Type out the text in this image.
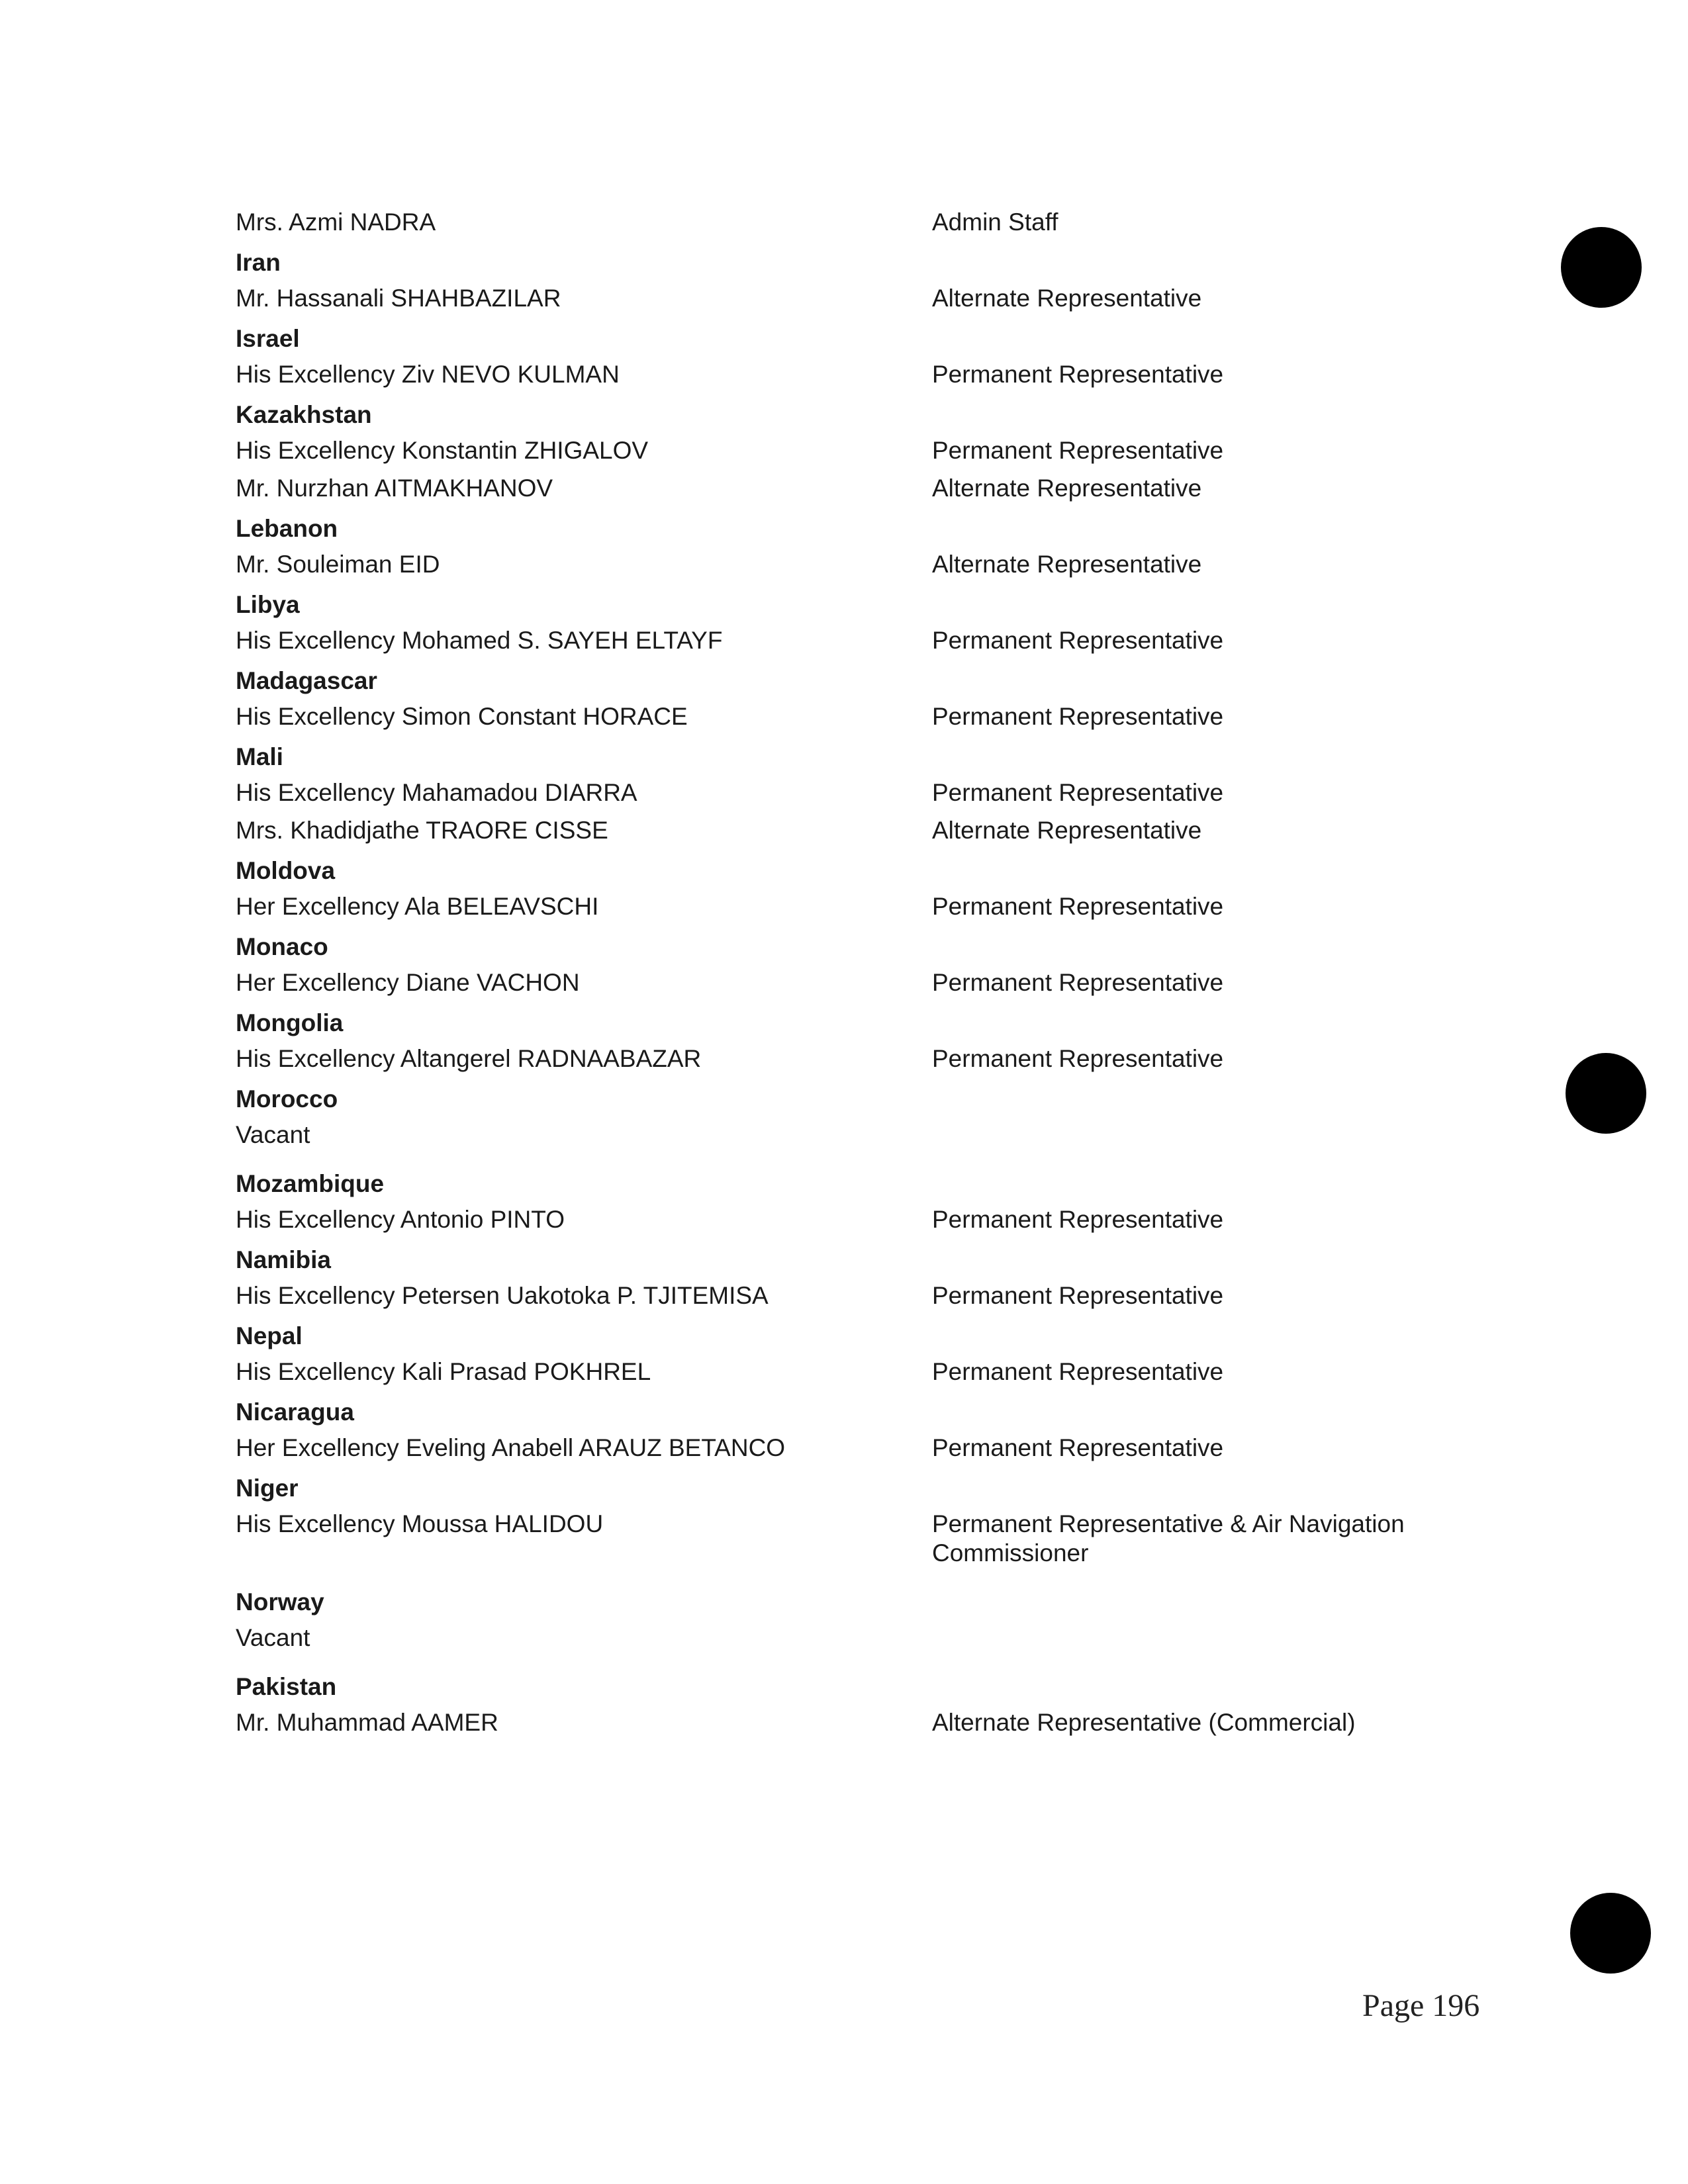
Mrs. Azmi NADRA	Admin Staff
Iran
Mr. Hassanali SHAHBAZILAR	Alternate Representative
Israel
His Excellency Ziv NEVO KULMAN	Permanent Representative
Kazakhstan
His Excellency Konstantin ZHIGALOV	Permanent Representative
Mr. Nurzhan AITMAKHANOV	Alternate Representative
Lebanon
Mr. Souleiman EID	Alternate Representative
Libya
His Excellency Mohamed S. SAYEH ELTAYF	Permanent Representative
Madagascar
His Excellency Simon Constant HORACE	Permanent Representative
Mali
His Excellency Mahamadou DIARRA	Permanent Representative
Mrs. Khadidjathe TRAORE CISSE	Alternate Representative
Moldova
Her Excellency Ala BELEAVSCHI	Permanent Representative
Monaco
Her Excellency Diane VACHON	Permanent Representative
Mongolia
His Excellency Altangerel RADNAABAZAR	Permanent Representative
Morocco
Vacant
Mozambique
His Excellency Antonio PINTO	Permanent Representative
Namibia
His Excellency Petersen Uakotoka P. TJITEMISA	Permanent Representative
Nepal
His Excellency Kali Prasad POKHREL	Permanent Representative
Nicaragua
Her Excellency Eveling Anabell ARAUZ BETANCO	Permanent Representative
Niger
His Excellency Moussa HALIDOU	Permanent Representative & Air Navigation Commissioner
Norway
Vacant
Pakistan
Mr. Muhammad AAMER	Alternate Representative (Commercial)
Page 196
